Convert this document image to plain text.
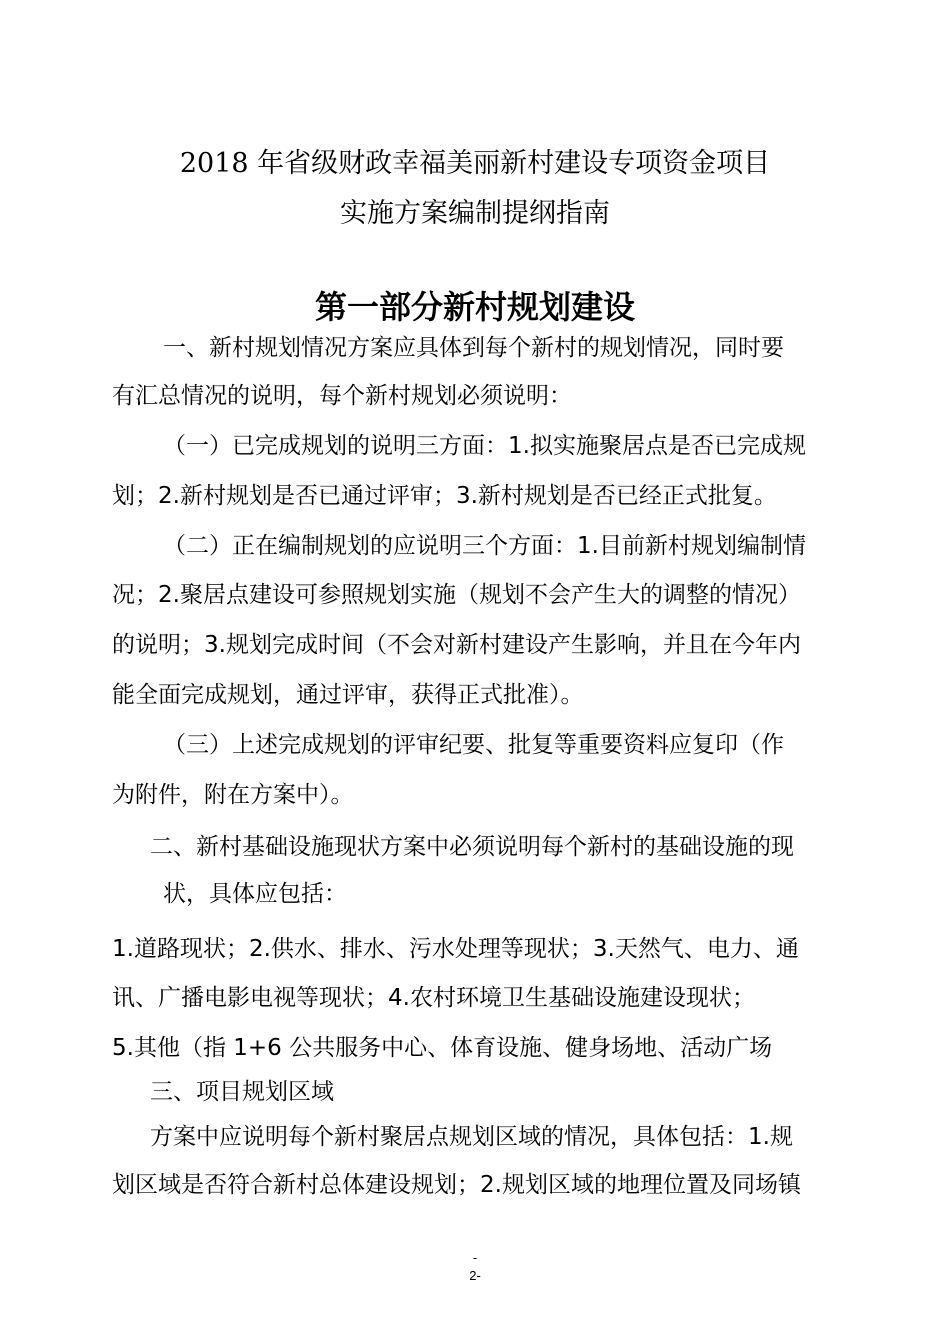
2018 年省级财政幸福美丽新村建设专项资金项目
实施方案编制提纲指南
第一部分新村规划建设
一、新村规划情况方案应具体到每个新村的规划情况，同时要
有汇总情况的说明，每个新村规划必须说明：
（一）已完成规划的说明三方面：1.拟实施聚居点是否已完成规
划；2.新村规划是否已通过评审；3.新村规划是否已经正式批复。
（二）正在编制规划的应说明三个方面：1.目前新村规划编制情
况；2.聚居点建设可参照规划实施（规划不会产生大的调整的情况）
的说明；3.规划完成时间（不会对新村建设产生影响，并且在今年内
能全面完成规划，通过评审，获得正式批准）。
（三）上述完成规划的评审纪要、批复等重要资料应复印（作
为附件，附在方案中）。
二、新村基础设施现状方案中必须说明每个新村的基础设施的现
状，具体应包括：
1.道路现状；2.供水、排水、污水处理等现状；3.天然气、电力、通
讯、广播电影电视等现状；4.农村环境卫生基础设施建设现状；
5.其他（指 1+6 公共服务中心、体育设施、健身场地、活动广场
三、项目规划区域
方案中应说明每个新村聚居点规划区域的情况，具体包括：1.规
划区域是否符合新村总体建设规划；2.规划区域的地理位置及同场镇
-
2-
